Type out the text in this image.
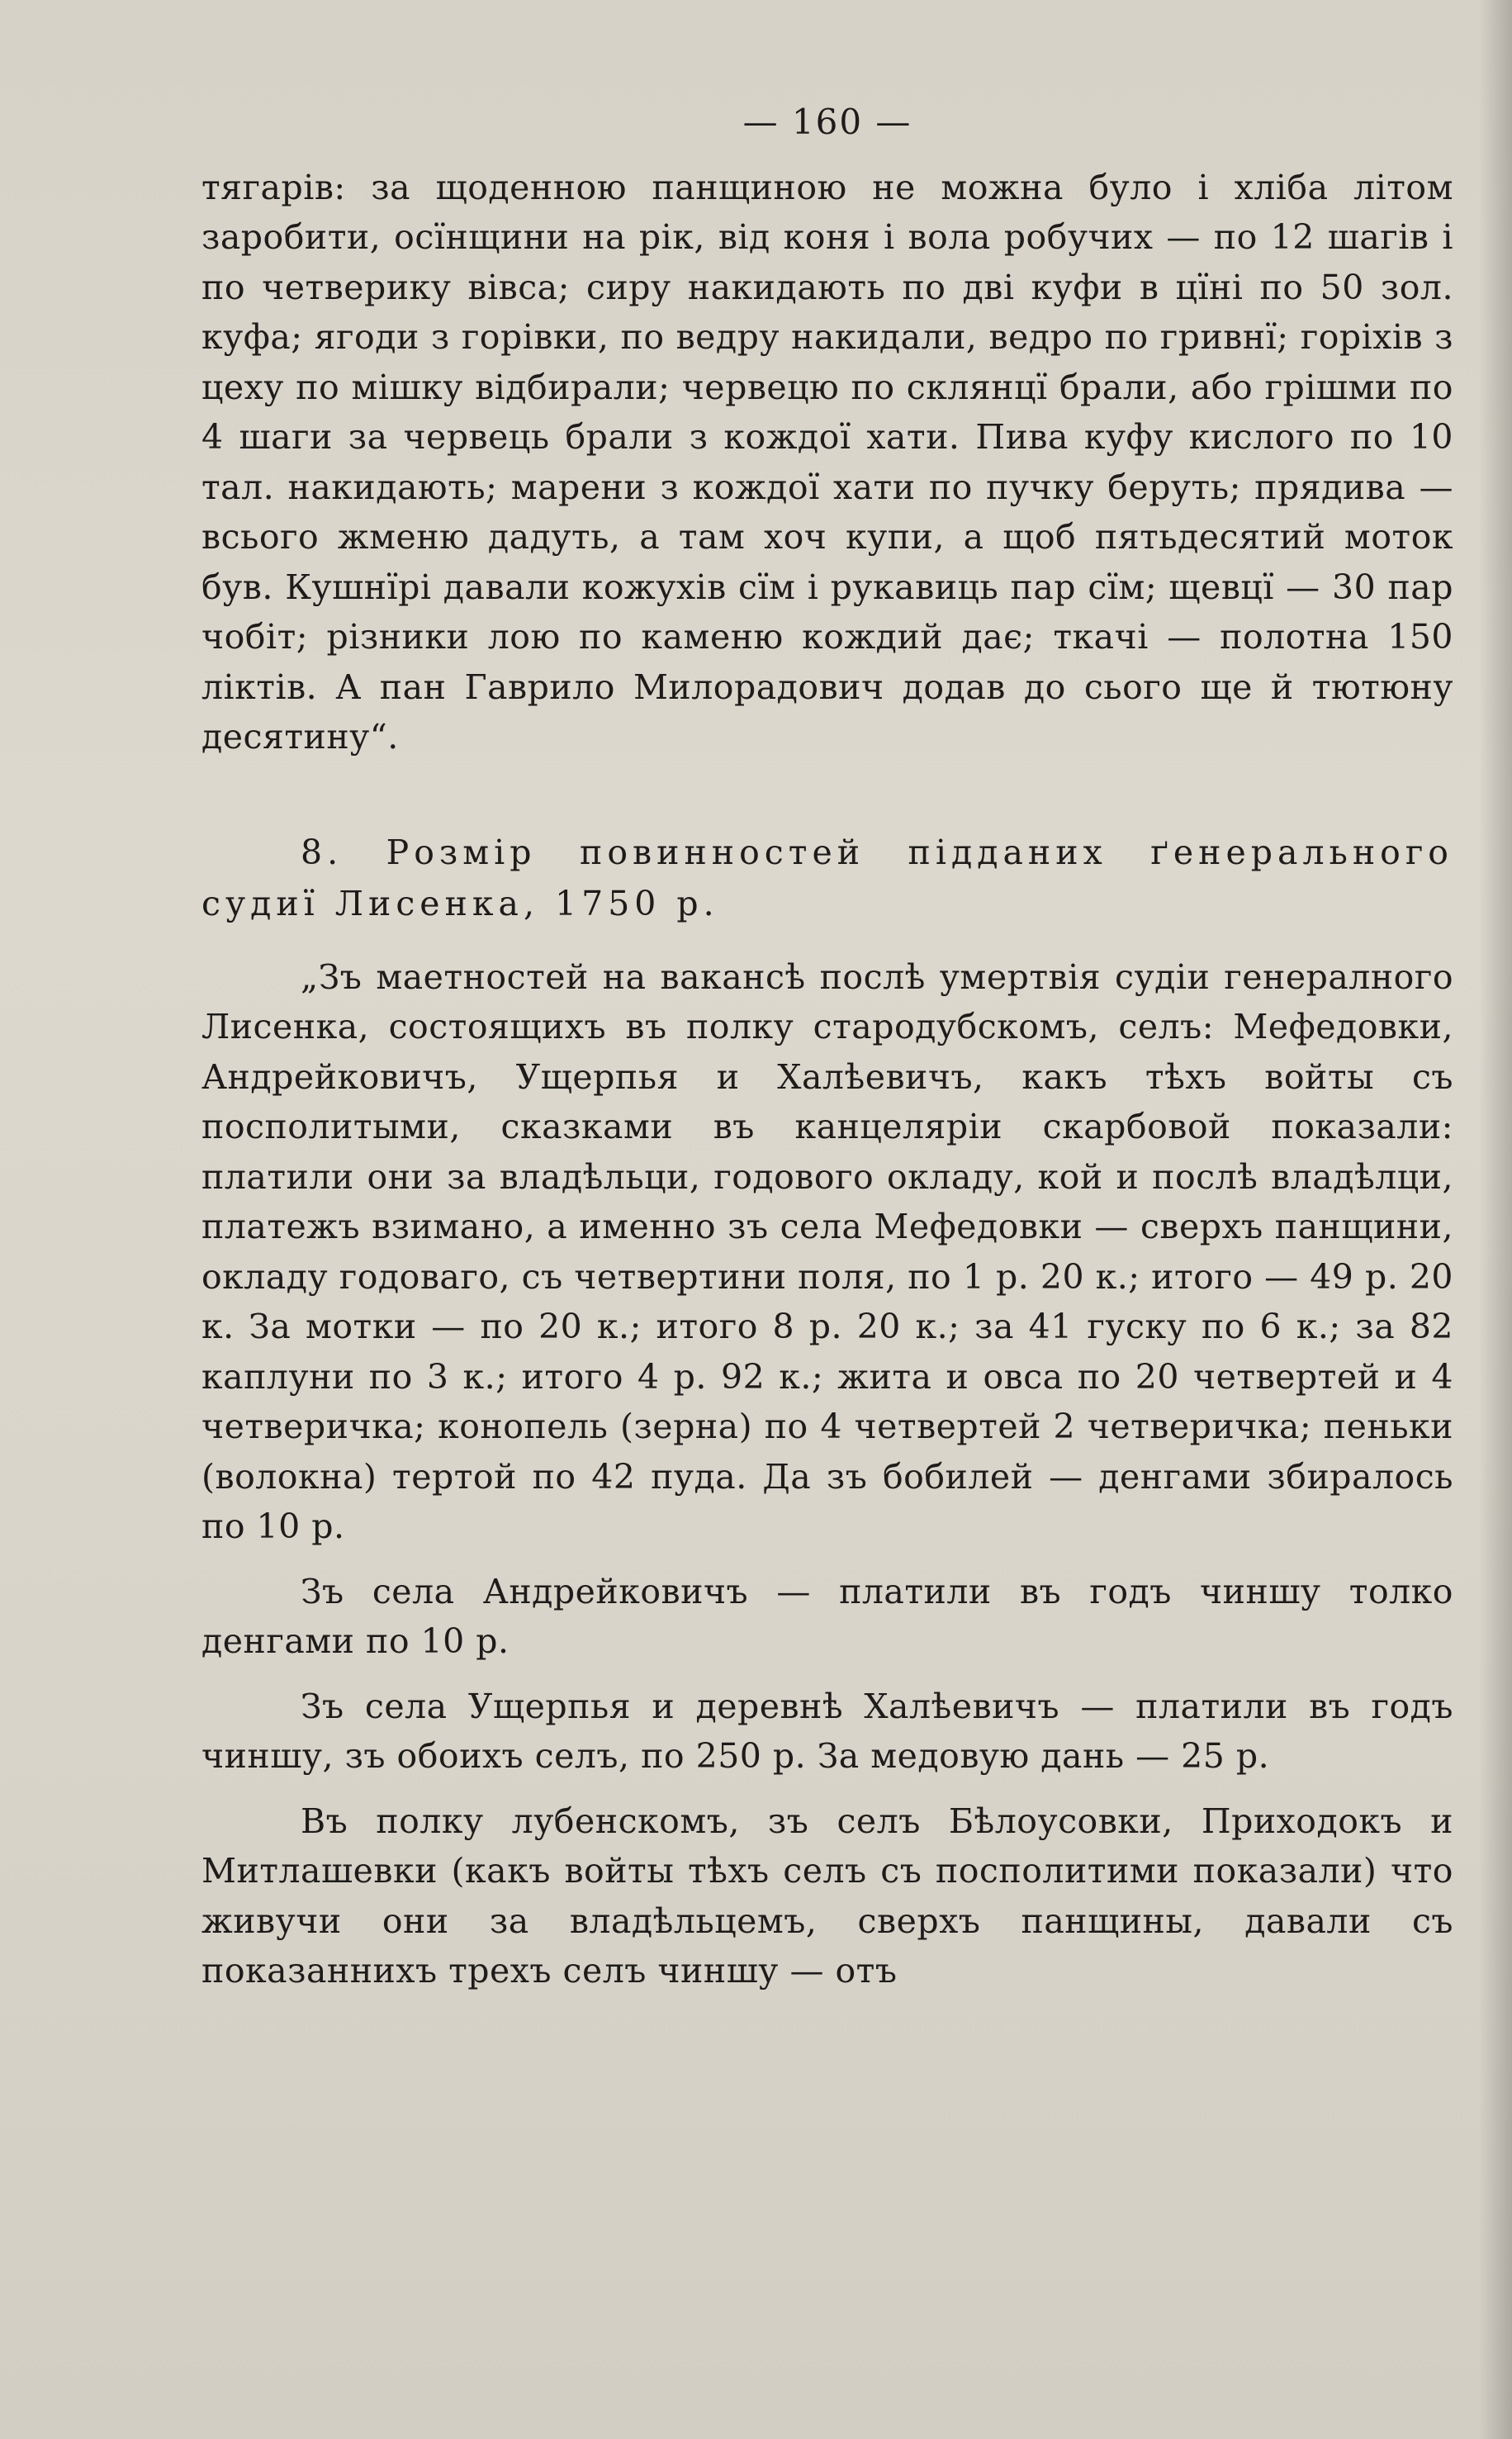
— 160 —

тягарів: за щоденною панщиною не можна було і хліба літом заробити, осїнщини на рік, від коня і вола робучих — по 12 шагів і по четверику вівса; сиру накидають по дві куфи в цїні по 50 зол. куфа; ягоди з горівки, по ведру накидали, ведро по гривнї; горіхів з цеху по мішку відбирали; червецю по склянцї брали, або грішми по 4 шаги за червець брали з кождої хати. Пива куфу кислого по 10 тал. накидають; марени з кождої хати по пучку беруть; прядива — всього жменю дадуть, а там хоч купи, а щоб пятьдесятий моток був. Кушнїрі давали кожухів сїм і рукавиць пар сїм; щевцї — 30 пар чобіт; різники лою по каменю кождий дає; ткачі — полотна 150 ліктів. А пан Гаврило Милорадович додав до сього ще й тютюну десятину“.

8. Розмір повинностей підданих ґенерального судиї Лисенка, 1750 р.

„Зъ маетностей на вакансѣ послѣ умертвія судіи генералного Лисенка, состоящихъ въ полку стародубскомъ, селъ: Мефедовки, Андрейковичъ, Ущерпья и Халѣевичъ, какъ тѣхъ войты съ посполитыми, сказками въ канцеляріи скарбовой показали: платили они за владѣльци, годового окладу, кой и послѣ владѣлци, платежъ взимано, а именно зъ села Мефедовки — сверхъ панщини, окладу годоваго, съ четвертини поля, по 1 р. 20 к.; итого — 49 р. 20 к. За мотки — по 20 к.; итого 8 р. 20 к.; за 41 гуску по 6 к.; за 82 каплуни по 3 к.; итого 4 р. 92 к.; жита и овса по 20 четвертей и 4 четверичка; конопель (зерна) по 4 четвертей 2 четверичка; пеньки (волокна) тертой по 42 пуда. Да зъ бобилей — денгами збиралось по 10 р.

Зъ села Андрейковичъ — платили въ годъ чиншу толко денгами по 10 р.

Зъ села Ущерпья и деревнѣ Халѣевичъ — платили въ годъ чиншу, зъ обоихъ селъ, по 250 р. За медовую дань — 25 р.

Въ полку лубенскомъ, зъ селъ Бѣлоусовки, Приходокъ и Митлашевки (какъ войты тѣхъ селъ съ посполитими показали) что живучи они за владѣльцемъ, сверхъ панщины, давали съ показаннихъ трехъ селъ чиншу — отъ
